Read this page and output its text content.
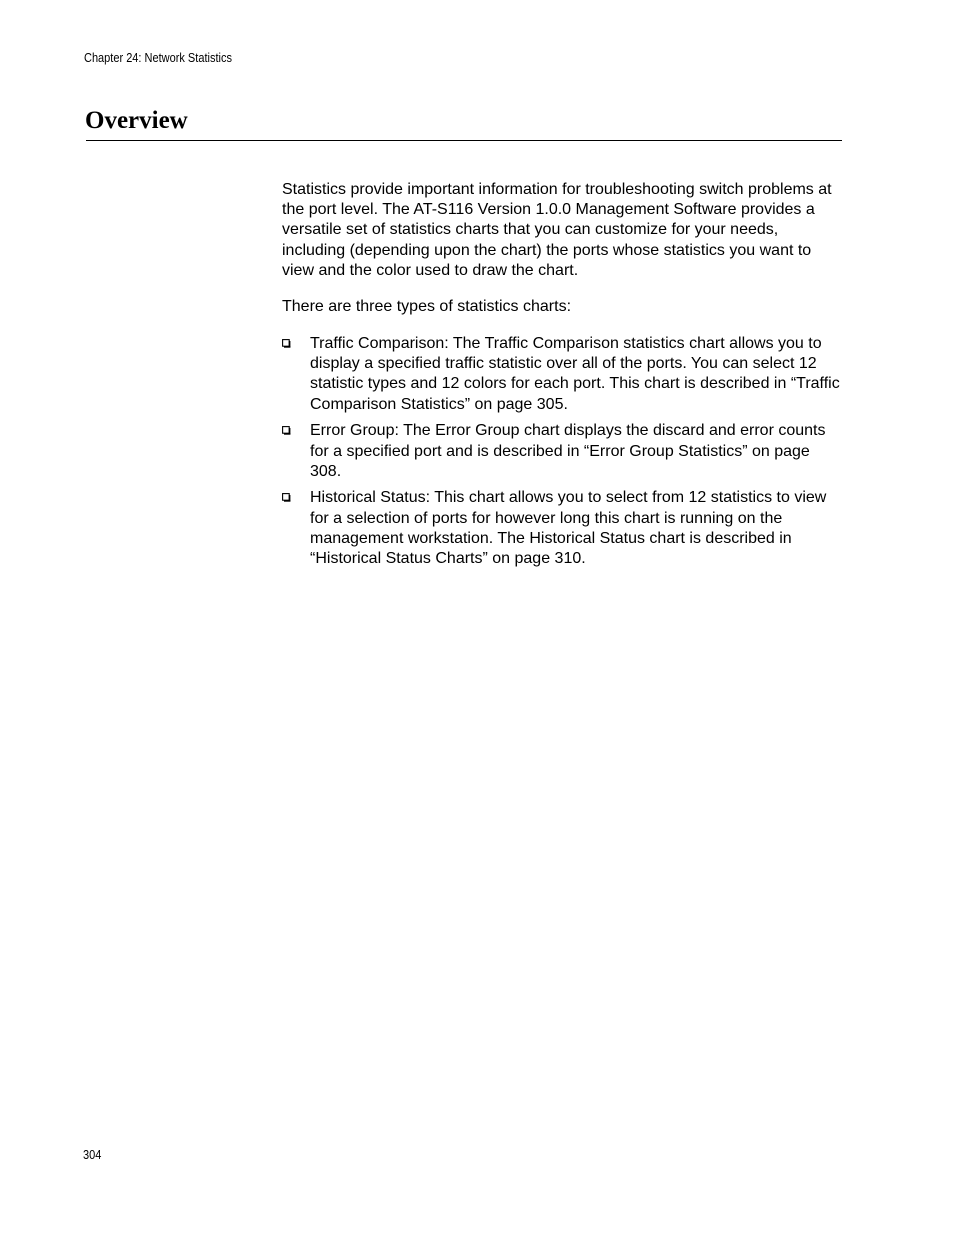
Chapter 24: Network Statistics
Overview

Statistics provide important information for troubleshooting switch problems at the port level. The AT-S116 Version 1.0.0 Management Software provides a versatile set of statistics charts that you can customize for your needs, including (depending upon the chart) the ports whose statistics you want to view and the color used to draw the chart.

There are three types of statistics charts:

Traffic Comparison: The Traffic Comparison statistics chart allows you to display a specified traffic statistic over all of the ports. You can select 12 statistic types and 12 colors for each port. This chart is described in “Traffic Comparison Statistics” on page 305.
Error Group: The Error Group chart displays the discard and error counts for a specified port and is described in “Error Group Statistics” on page 308.
Historical Status: This chart allows you to select from 12 statistics to view for a selection of ports for however long this chart is running on the management workstation. The Historical Status chart is described in “Historical Status Charts” on page 310.
304
